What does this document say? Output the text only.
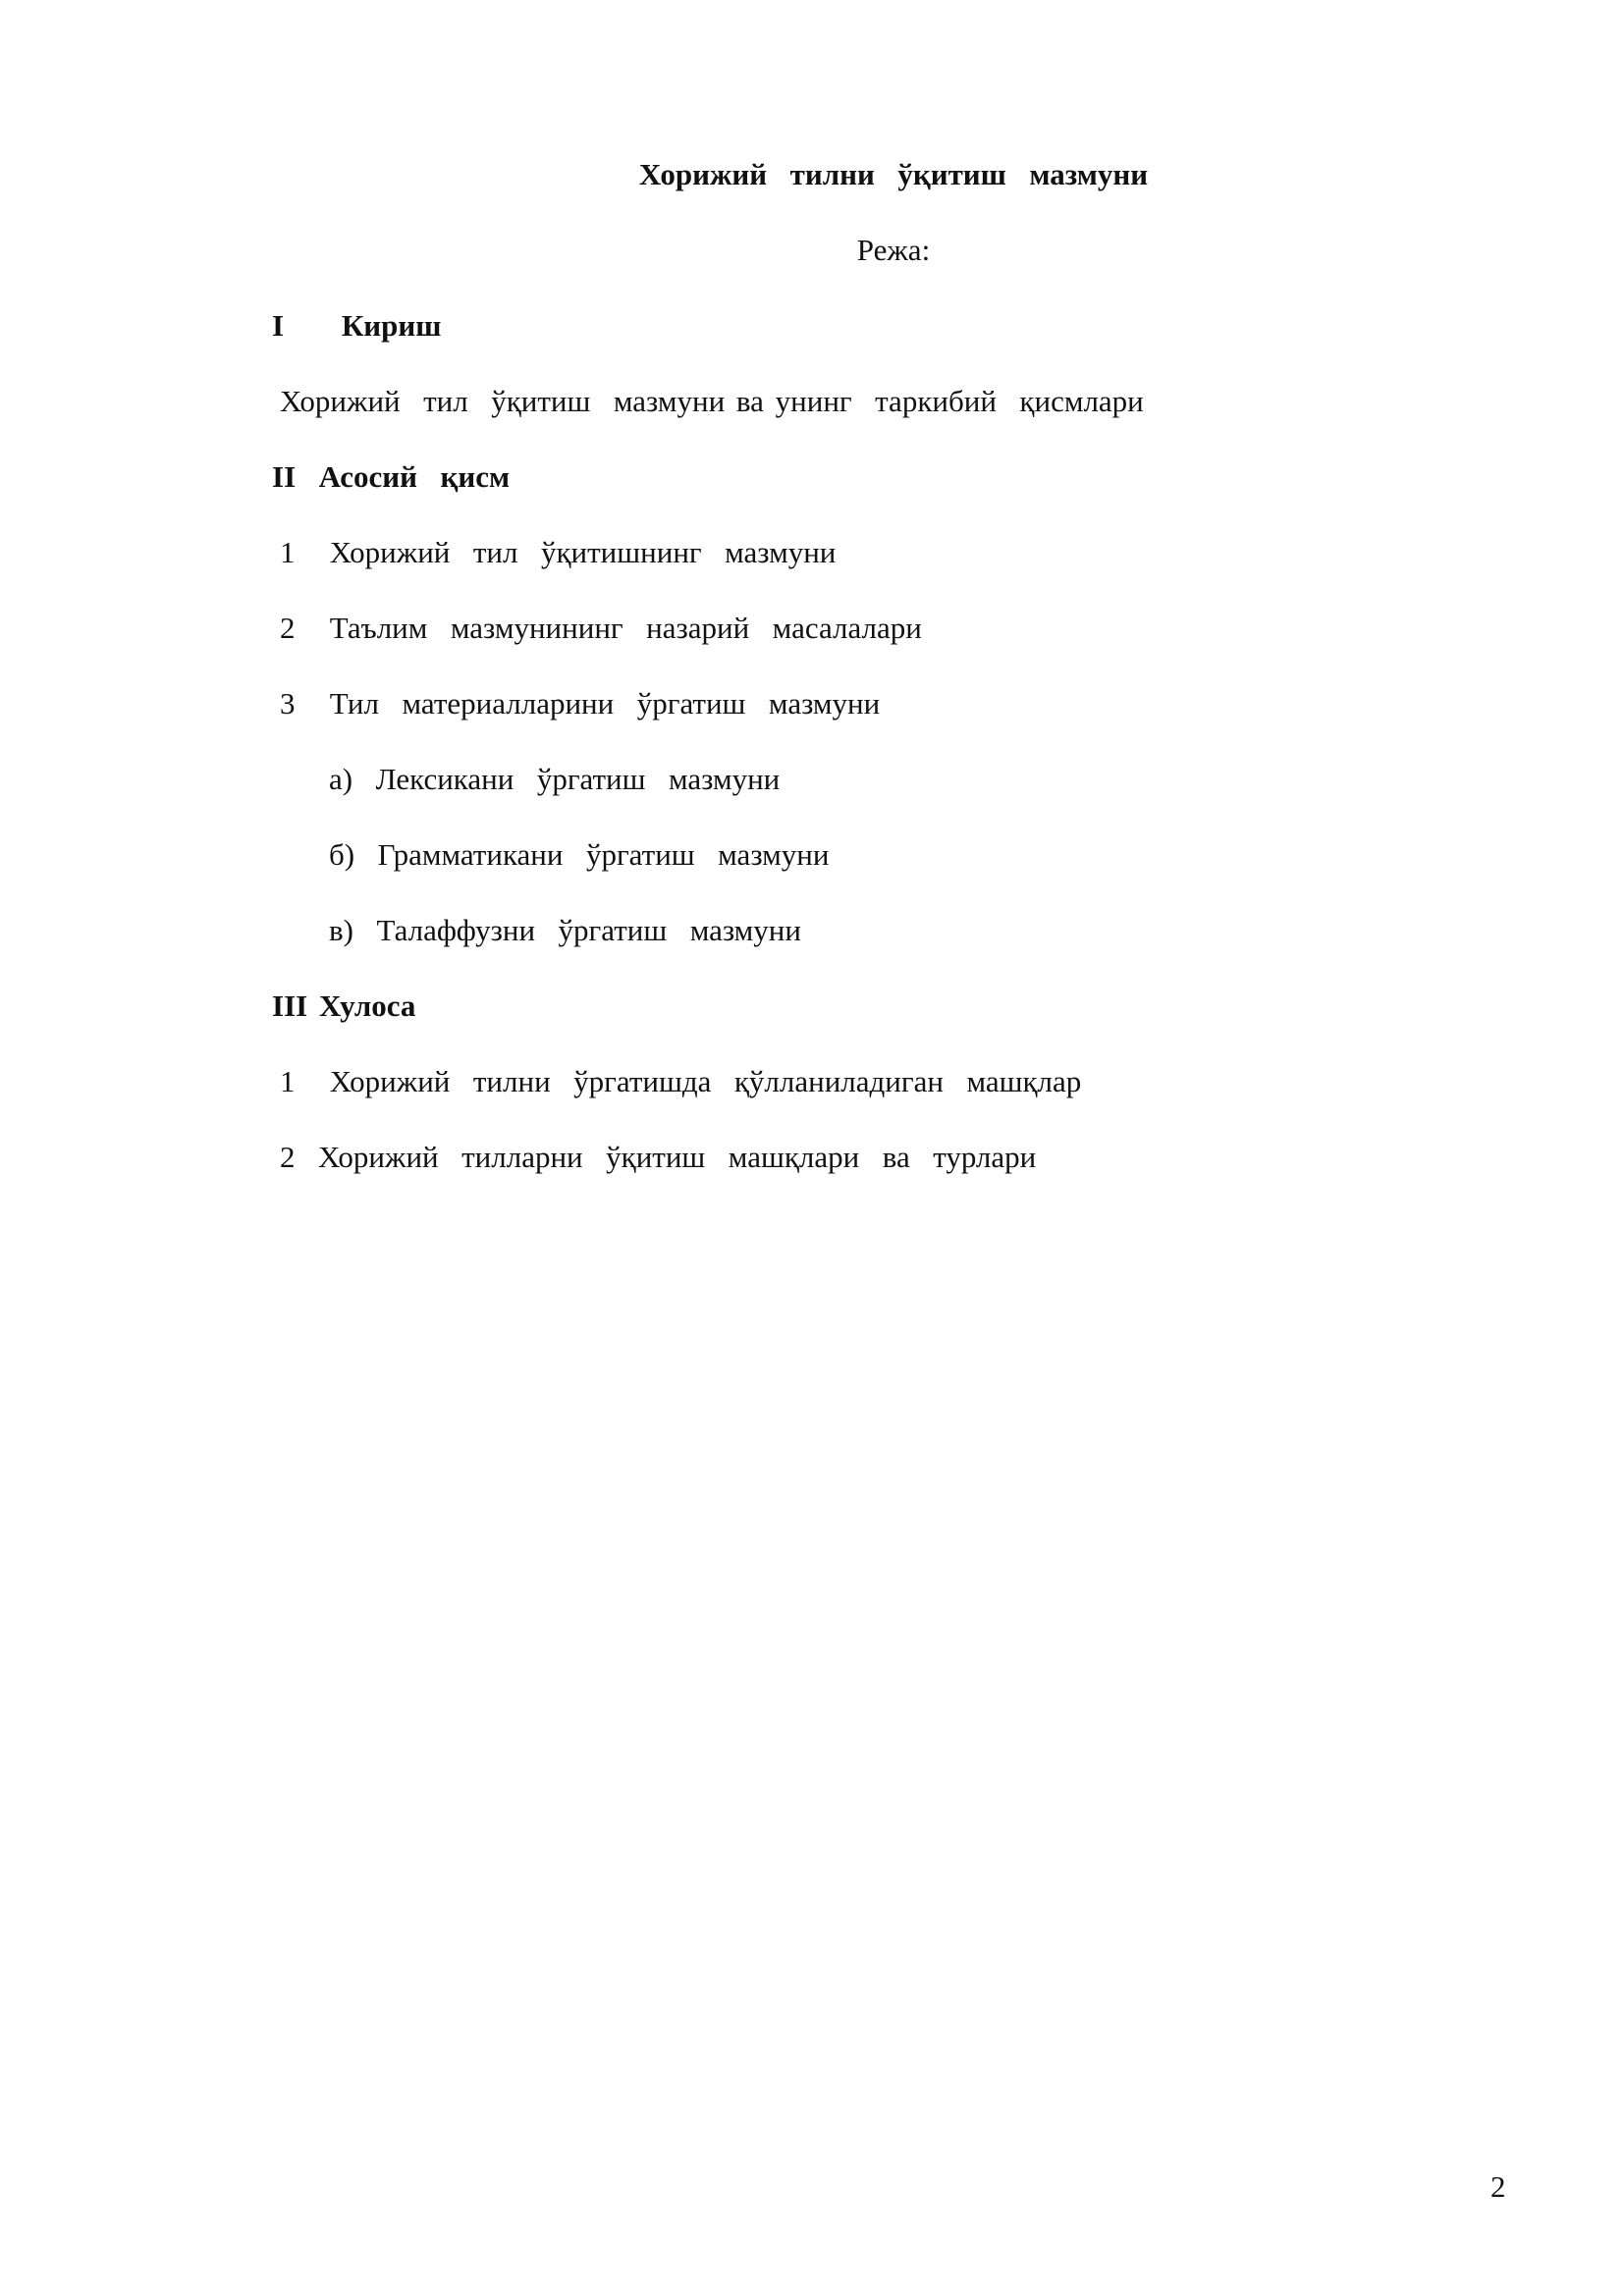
Хорижий  тилни  ўқитиш  мазмуни
Режа:
I     Кириш
Хорижий  тил  ўқитиш  мазмуни ва унинг  таркибий  қисмлари
II  Асосий  қисм
1   Хорижий  тил  ўқитишнинг  мазмуни
2   Таълим  мазмунининг  назарий  масалалари
3   Тил  материалларини  ўргатиш  мазмуни
а)  Лексикани  ўргатиш  мазмуни
б)  Грамматикани  ўргатиш  мазмуни
в)  Талаффузни  ўргатиш  мазмуни
III Хулоса
1   Хорижий  тилни  ўргатишда  қўлланиладиган  машқлар
2  Хорижий  тилларни  ўқитиш  машқлари  ва  турлари
2
